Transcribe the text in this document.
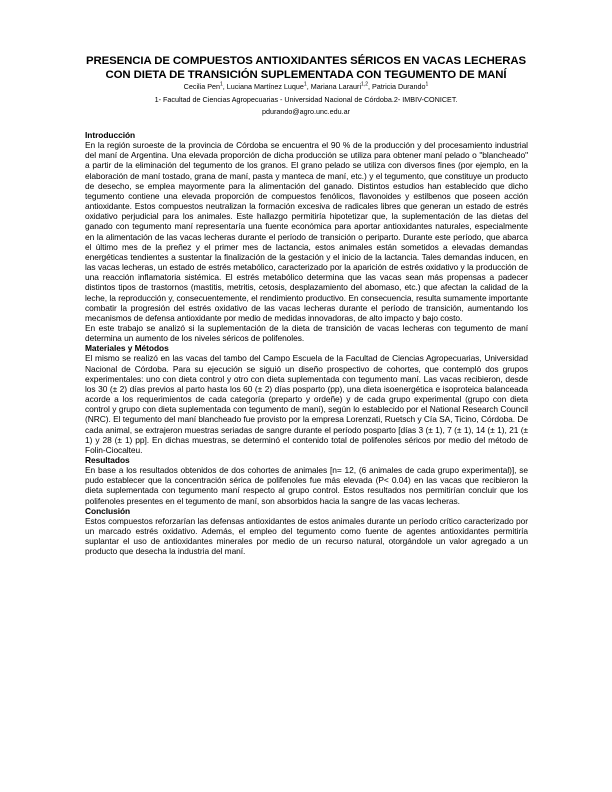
PRESENCIA DE COMPUESTOS ANTIOXIDANTES SÉRICOS EN VACAS LECHERAS
CON DIETA DE TRANSICIÓN SUPLEMENTADA CON TEGUMENTO DE MANÍ
Cecilia Pen$^1$, Luciana Martínez Luque$^1$, Mariana Larauri$^{1,2}$, Patricia Durando$^1$
1- Facultad de Ciencias Agropecuarias - Universidad Nacional de Córdoba.2- IMBIV-CONICET.
pdurando@agro.unc.edu.ar

Introducción

En la región suroeste de la provincia de Córdoba se encuentra el 90 % de la producción y del procesamiento industrial del maní de Argentina. Una elevada proporción de dicha producción se utiliza para obtener maní pelado o "blancheado" a partir de la eliminación del tegumento de los granos. El grano pelado se utiliza con diversos fines (por ejemplo, en la elaboración de maní tostado, grana de maní, pasta y manteca de maní, etc.) y el tegumento, que constituye un producto de desecho, se emplea mayormente para la alimentación del ganado. Distintos estudios han establecido que dicho tegumento contiene una elevada proporción de compuestos fenólicos, flavonoides y estilbenos que poseen acción antioxidante. Estos compuestos neutralizan la formación excesiva de radicales libres que generan un estado de estrés oxidativo perjudicial para los animales. Este hallazgo permitiría hipotetizar que, la suplementación de las dietas del ganado con tegumento maní representaría una fuente económica para aportar antioxidantes naturales, especialmente en la alimentación de las vacas lecheras durante el período de transición o periparto. Durante este período, que abarca el último mes de la preñez y el primer mes de lactancia, estos animales están sometidos a elevadas demandas energéticas tendientes a sustentar la finalización de la gestación y el inicio de la lactancia. Tales demandas inducen, en las vacas lecheras, un estado de estrés metabólico, caracterizado por la aparición de estrés oxidativo y la producción de una reacción inflamatoria sistémica. El estrés metabólico determina que las vacas sean más propensas a padecer distintos tipos de trastornos (mastitis, metritis, cetosis, desplazamiento del abomaso, etc.) que afectan la calidad de la leche, la reproducción y, consecuentemente, el rendimiento productivo. En consecuencia, resulta sumamente importante combatir la progresión del estrés oxidativo de las vacas lecheras durante el período de transición, aumentando los mecanismos de defensa antioxidante por medio de medidas innovadoras, de alto impacto y bajo costo.

En este trabajo se analizó si la suplementación de la dieta de transición de vacas lecheras con tegumento de maní determina un aumento de los niveles séricos de polifenoles.

Materiales y Métodos

El mismo se realizó en las vacas del tambo del Campo Escuela de la Facultad de Ciencias Agropecuarias, Universidad Nacional de Córdoba. Para su ejecución se siguió un diseño prospectivo de cohortes, que contempló dos grupos experimentales: uno con dieta control y otro con dieta suplementada con tegumento maní. Las vacas recibieron, desde los 30 (± 2) días previos al parto hasta los 60 (± 2) días posparto (pp), una dieta isoenergética e isoproteica balanceada acorde a los requerimientos de cada categoría (preparto y ordeñe) y de cada grupo experimental (grupo con dieta control y grupo con dieta suplementada con tegumento de maní), según lo establecido por el National Research Council (NRC). El tegumento del maní blancheado fue provisto por la empresa Lorenzati, Ruetsch y Cía SA, Ticino, Córdoba. De cada animal, se extrajeron muestras seriadas de sangre durante el período posparto [días 3 (± 1), 7 (± 1), 14 (± 1), 21 (± 1) y 28 (± 1) pp]. En dichas muestras, se determinó el contenido total de polifenoles séricos por medio del método de Folin-Ciocalteu.

Resultados

En base a los resultados obtenidos de dos cohortes de animales [n= 12, (6 animales de cada grupo experimental)], se pudo establecer que la concentración sérica de polifenoles fue más elevada (P< 0.04) en las vacas que recibieron la dieta suplementada con tegumento maní respecto al grupo control. Estos resultados nos permitirían concluir que los polifenoles presentes en el tegumento de maní, son absorbidos hacia la sangre de las vacas lecheras.

Conclusión

Estos compuestos reforzarían las defensas antioxidantes de estos animales durante un período crítico caracterizado por un marcado estrés oxidativo. Además, el empleo del tegumento como fuente de agentes antioxidantes permitiría suplantar el uso de antioxidantes minerales por medio de un recurso natural, otorgándole un valor agregado a un producto que desecha la industria del maní.
